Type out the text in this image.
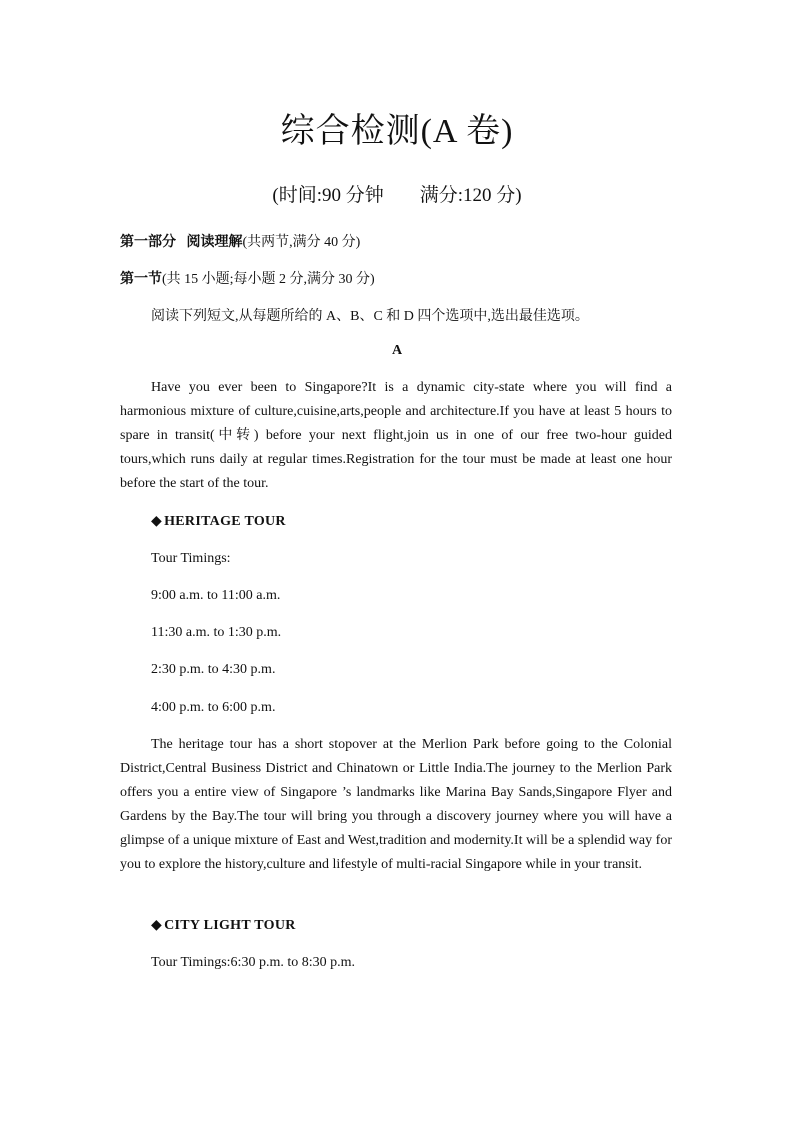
综合检测(A 卷)
(时间:90 分钟 满分:120 分)
第一部分 阅读理解(共两节,满分 40 分)
第一节(共 15 小题;每小题 2 分,满分 30 分)
阅读下列短文,从每题所给的 A、B、C 和 D 四个选项中,选出最佳选项。
A
Have you ever been to Singapore?It is a dynamic city-state where you will find a harmonious mixture of culture,cuisine,arts,people and architecture.If you have at least 5 hours to spare in transit(中转) before your next flight,join us in one of our free two-hour guided tours,which runs daily at regular times.Registration for the tour must be made at least one hour before the start of the tour.
◆ HERITAGE TOUR
Tour Timings:
9:00 a.m. to 11:00 a.m.
11:30 a.m. to 1:30 p.m.
2:30 p.m. to 4:30 p.m.
4:00 p.m. to 6:00 p.m.
The heritage tour has a short stopover at the Merlion Park before going to the Colonial District,Central Business District and Chinatown or Little India.The journey to the Merlion Park offers you a entire view of Singapore ’s landmarks like Marina Bay Sands,Singapore Flyer and Gardens by the Bay.The tour will bring you through a discovery journey where you will have a glimpse of a unique mixture of East and West,tradition and modernity.It will be a splendid way for you to explore the history,culture and lifestyle of multi-racial Singapore while in your transit.
◆ CITY LIGHT TOUR
Tour Timings:6:30 p.m. to 8:30 p.m.
